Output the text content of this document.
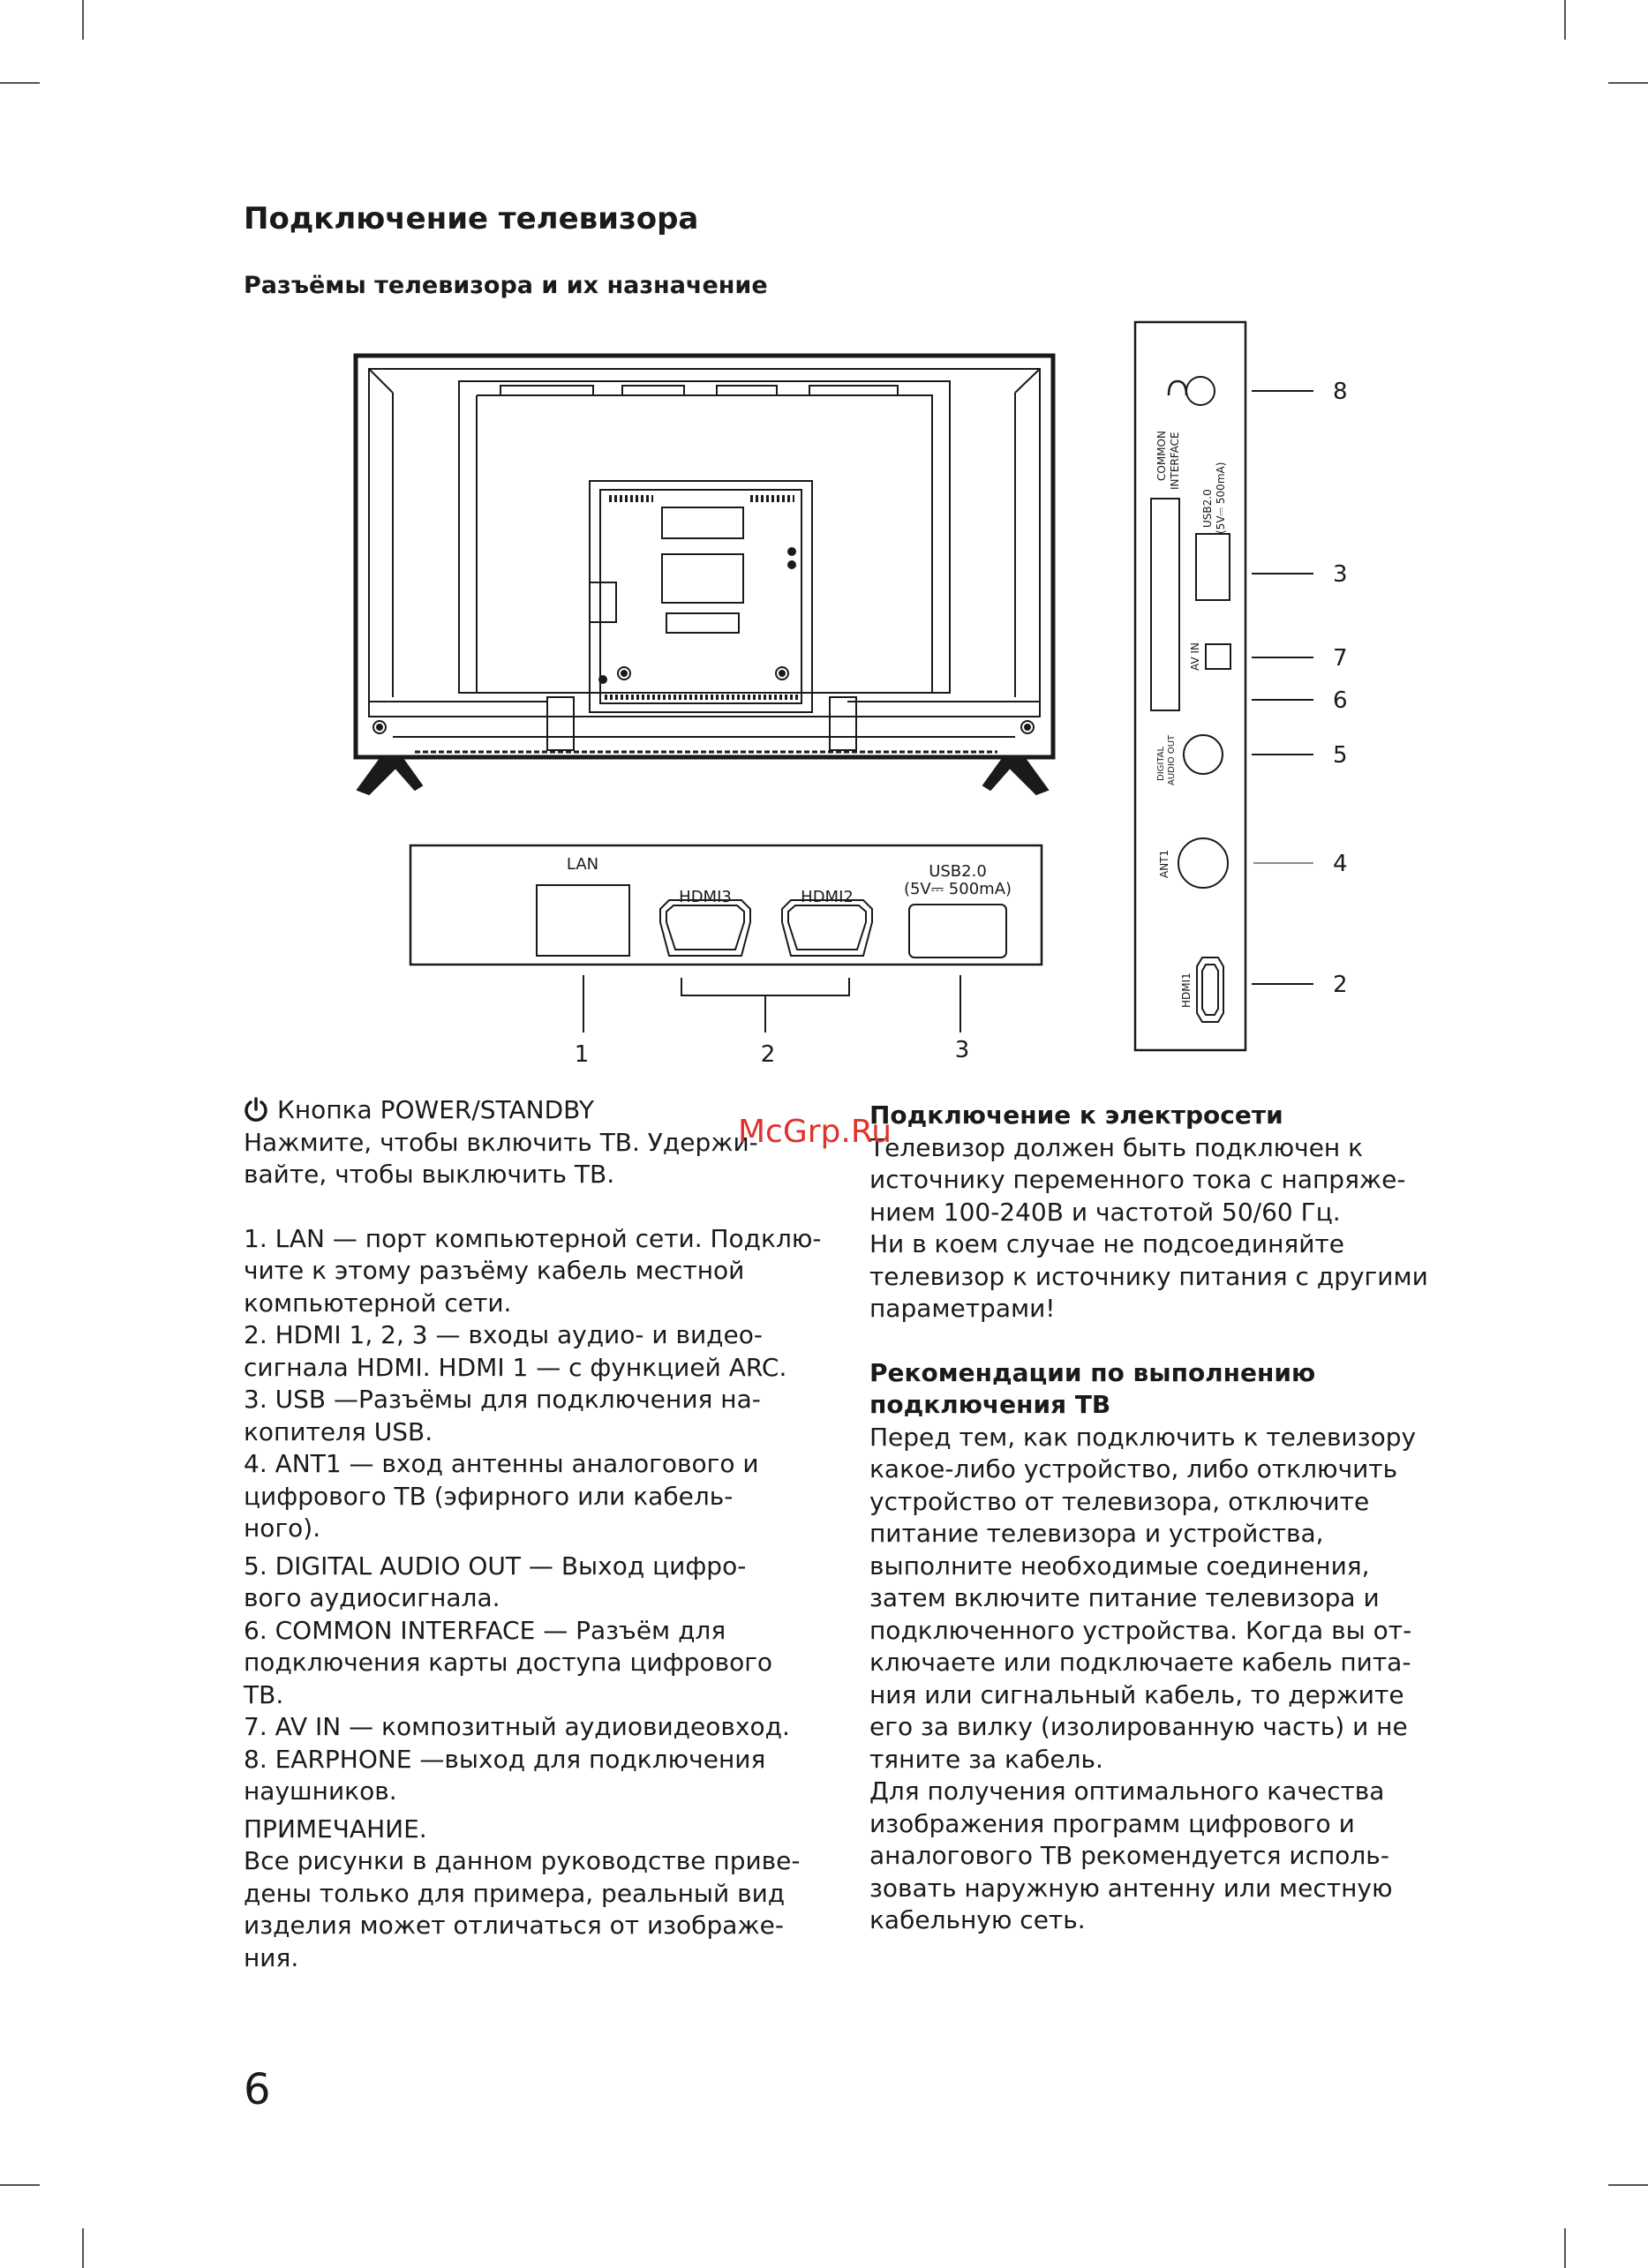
Подключение телевизора
Разъёмы телевизора и их назначение
LAN
HDMI3	HDMI2
USB2.0
(5V⎓ 500mA)
1	2	3
COMMON INTERFACE
USB2.0 (5V⎓ 500mA)
AV IN
DIGITAL AUDIO OUT
ANT1
HDMI1
8
3
7
6
5
4
2
Кнопка POWER/STANDBY

Нажмите, чтобы включить ТВ. Удержи-

вайте, чтобы выключить ТВ.

1. LAN — порт компьютерной сети. Подклю-

чите к этому разъёму кабель местной

компьютерной сети.

2. HDMI 1, 2, 3 — входы аудио- и видео-

сигнала HDMI. HDMI 1 — с функцией ARC.

3. USB —Разъёмы для подключения на-

копителя USB.

4. ANT1 — вход антенны аналогового и

цифрового ТВ (эфирного или кабель-

ного).

5. DIGITAL AUDIO OUT — Выход цифро-

вого аудиосигнала.

6. COMMON INTERFACE — Разъём для

подключения карты доступа цифрового

ТВ.

7. AV IN — композитный аудиовидеовход.

8. EARPHONE —выход для подключения

наушников.

ПРИМЕЧАНИЕ.

Все рисунки в данном руководстве приве-

дены только для примера, реальный вид

изделия может отличаться от изображе-

ния.

Подключение к электросети

Телевизор должен быть подключен к

источнику переменного тока с напряже-

нием 100-240В и частотой 50/60 Гц.

Ни в коем случае не подсоединяйте

телевизор к источнику питания с другими

параметрами!

Рекомендации по выполнению

подключения ТВ

Перед тем, как подключить к телевизору

какое-либо устройство, либо отключить

устройство от телевизора, отключите

питание телевизора и устройства,

выполните необходимые соединения,

затем включите питание телевизора и

подключенного устройства. Когда вы от-

ключаете или подключаете кабель пита-

ния или сигнальный кабель, то держите

его за вилку (изолированную часть) и не

тяните за кабель.

Для получения оптимального качества

изображения программ цифрового и

аналогового ТВ рекомендуется исполь-

зовать наружную антенну или местную

кабельную сеть.

McGrp.Ru
6
